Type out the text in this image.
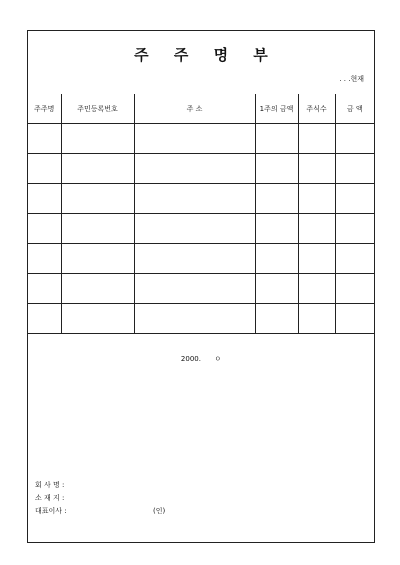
주 주 명 부
. . .현재
주주명	주민등록번호	주 소	1주의 금액	주식수	금 액

2000. ㅇ
회 사 명 :
소 재 지 :
대표이사 :	(인)
